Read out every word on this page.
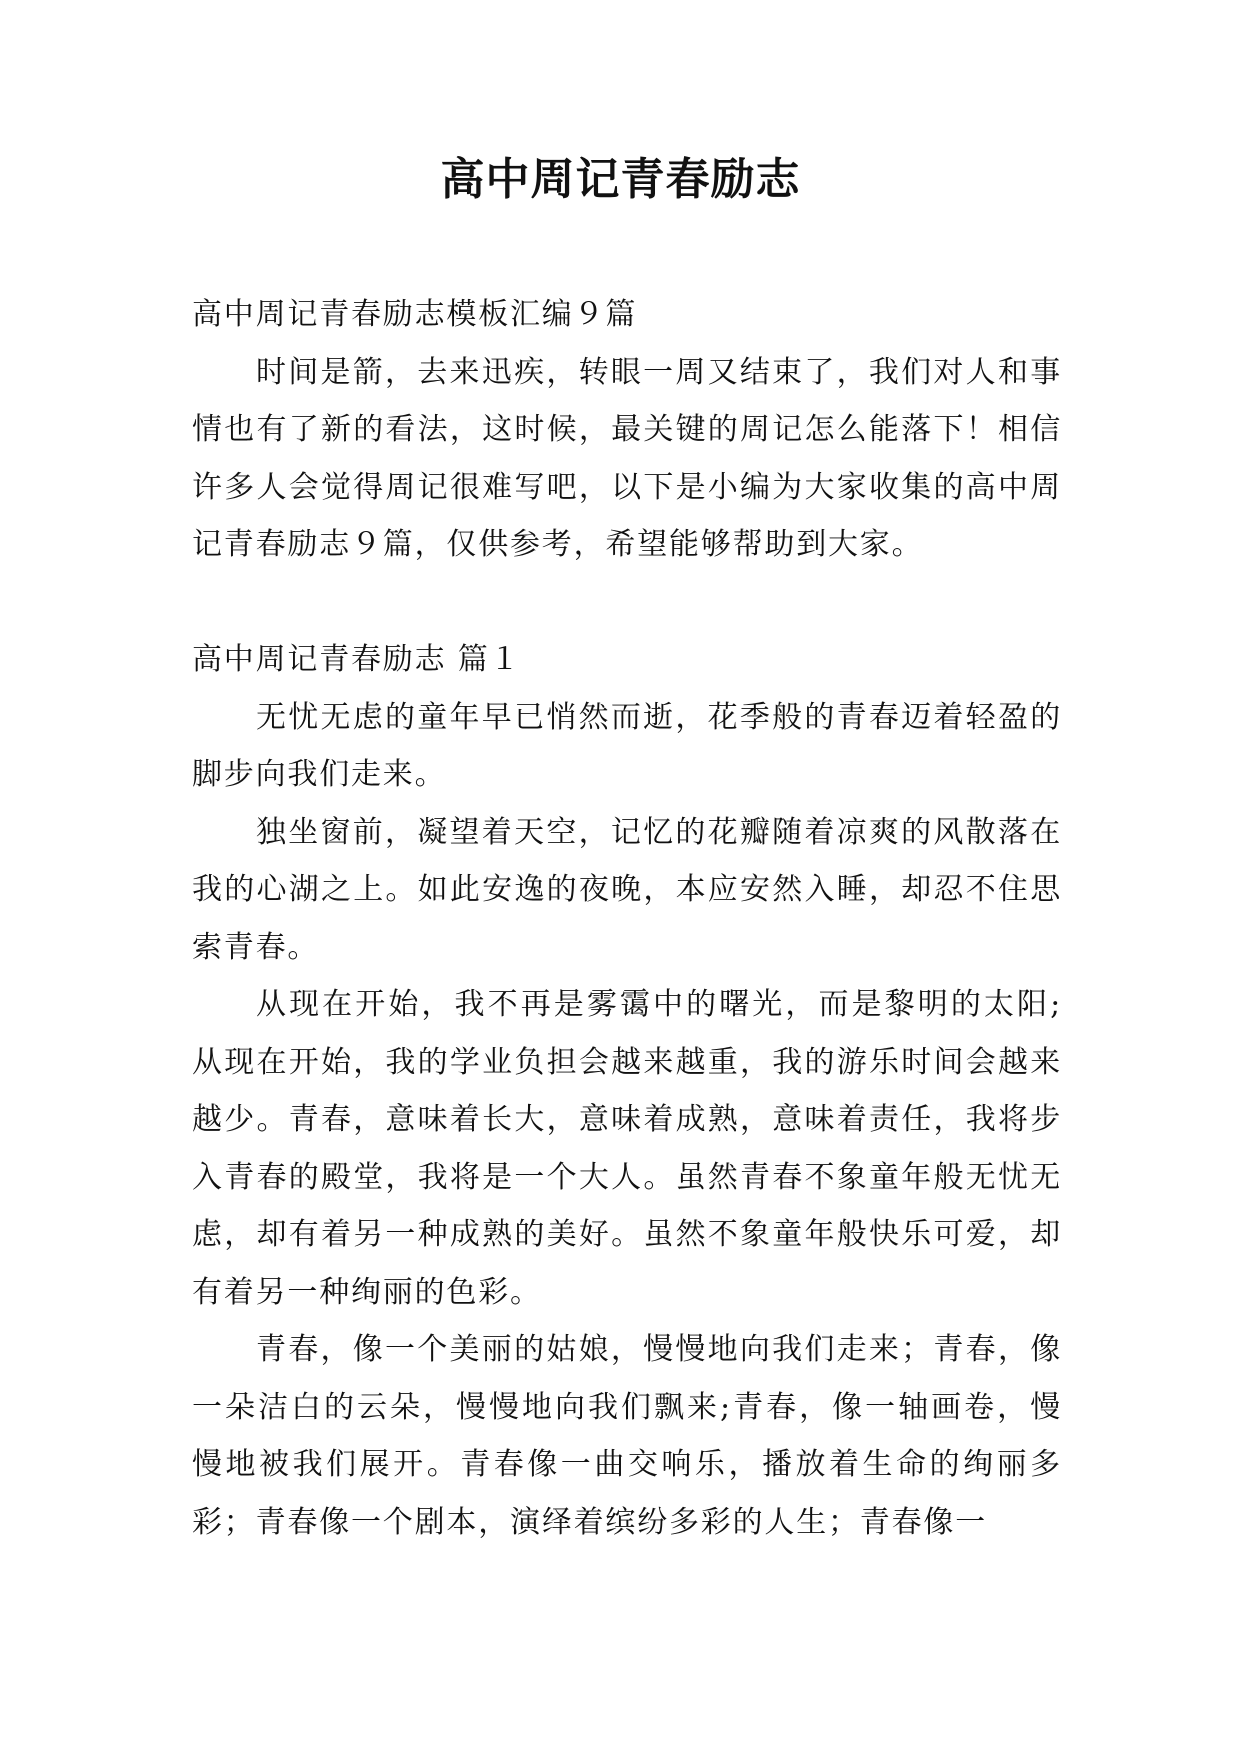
高中周记青春励志

高中周记青春励志模板汇编９篇

时间是箭，去来迅疾，转眼一周又结束了，我们对人和事情也有了新的看法，这时候，最关键的周记怎么能落下！相信许多人会觉得周记很难写吧，以下是小编为大家收集的高中周记青春励志９篇，仅供参考，希望能够帮助到大家。

高中周记青春励志 篇１

无忧无虑的童年早已悄然而逝，花季般的青春迈着轻盈的脚步向我们走来。

独坐窗前，凝望着天空，记忆的花瓣随着凉爽的风散落在我的心湖之上。如此安逸的夜晚，本应安然入睡，却忍不住思索青春。

从现在开始，我不再是雾霭中的曙光，而是黎明的太阳;从现在开始，我的学业负担会越来越重，我的游乐时间会越来越少。青春，意味着长大，意味着成熟，意味着责任，我将步入青春的殿堂，我将是一个大人。虽然青春不象童年般无忧无虑，却有着另一种成熟的美好。虽然不象童年般快乐可爱，却有着另一种绚丽的色彩。

青春，像一个美丽的姑娘，慢慢地向我们走来；青春，像一朵洁白的云朵，慢慢地向我们飘来;青春，像一轴画卷，慢慢地被我们展开。青春像一曲交响乐，播放着生命的绚丽多彩；青春像一个剧本，演绎着缤纷多彩的人生；青春像一
